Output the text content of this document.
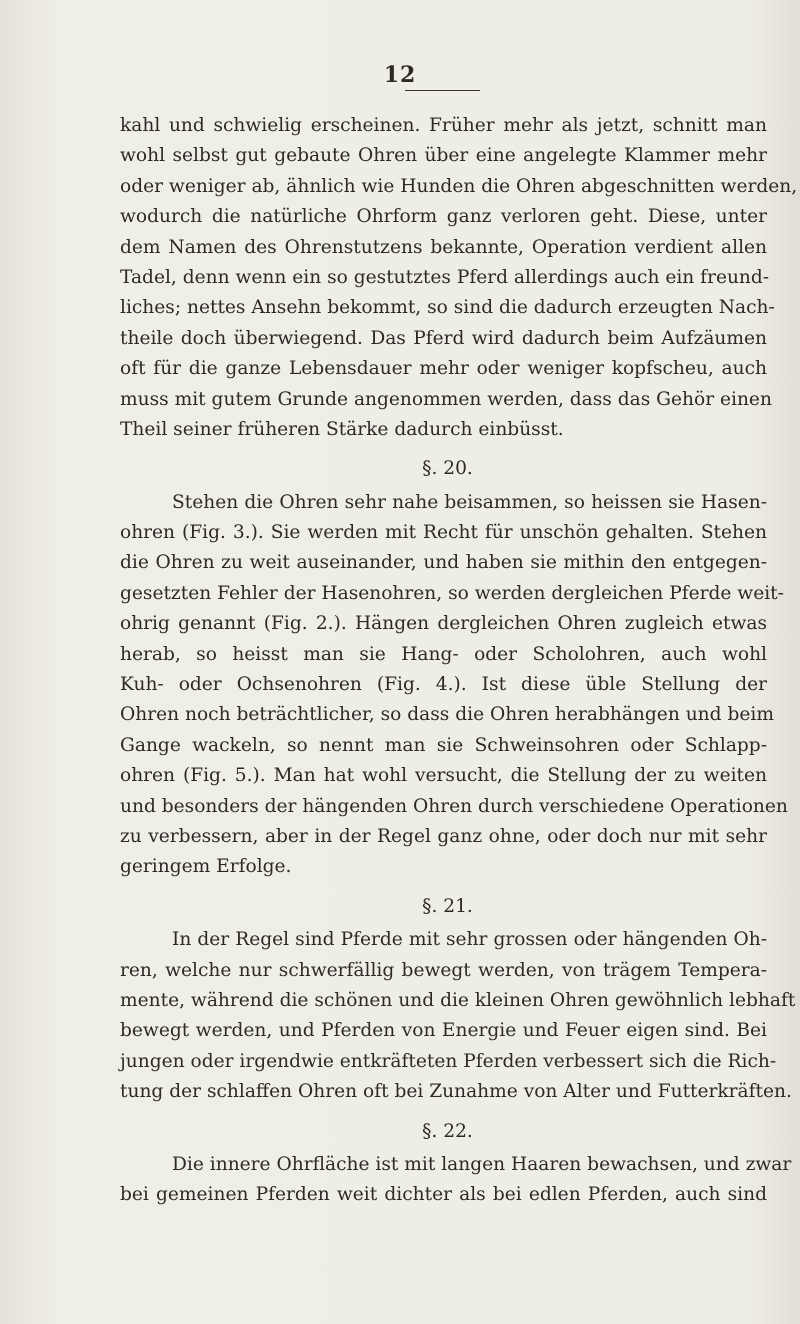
12
kahl und schwielig erscheinen. Früher mehr als jetzt, schnitt man
wohl selbst gut gebaute Ohren über eine angelegte Klammer mehr
oder weniger ab, ähnlich wie Hunden die Ohren abgeschnitten werden,
wodurch die natürliche Ohrform ganz verloren geht. Diese, unter
dem Namen des Ohrenstutzens bekannte, Operation verdient allen
Tadel, denn wenn ein so gestutztes Pferd allerdings auch ein freund-
liches; nettes Ansehn bekommt, so sind die dadurch erzeugten Nach-
theile doch überwiegend. Das Pferd wird dadurch beim Aufzäumen
oft für die ganze Lebensdauer mehr oder weniger kopfscheu, auch
muss mit gutem Grunde angenommen werden, dass das Gehör einen
Theil seiner früheren Stärke dadurch einbüsst.
§. 20.
Stehen die Ohren sehr nahe beisammen, so heissen sie Hasen-
ohren (Fig. 3.). Sie werden mit Recht für unschön gehalten. Stehen
die Ohren zu weit auseinander, und haben sie mithin den entgegen-
gesetzten Fehler der Hasenohren, so werden dergleichen Pferde weit-
ohrig genannt (Fig. 2.). Hängen dergleichen Ohren zugleich etwas
herab, so heisst man sie Hang- oder Scholohren, auch wohl
Kuh- oder Ochsenohren (Fig. 4.). Ist diese üble Stellung der
Ohren noch beträchtlicher, so dass die Ohren herabhängen und beim
Gange wackeln, so nennt man sie Schweinsohren oder Schlapp-
ohren (Fig. 5.). Man hat wohl versucht, die Stellung der zu weiten
und besonders der hängenden Ohren durch verschiedene Operationen
zu verbessern, aber in der Regel ganz ohne, oder doch nur mit sehr
geringem Erfolge.
§. 21.
In der Regel sind Pferde mit sehr grossen oder hängenden Oh-
ren, welche nur schwerfällig bewegt werden, von trägem Tempera-
mente, während die schönen und die kleinen Ohren gewöhnlich lebhaft
bewegt werden, und Pferden von Energie und Feuer eigen sind. Bei
jungen oder irgendwie entkräfteten Pferden verbessert sich die Rich-
tung der schlaffen Ohren oft bei Zunahme von Alter und Futterkräften.
§. 22.
Die innere Ohrfläche ist mit langen Haaren bewachsen, und zwar
bei gemeinen Pferden weit dichter als bei edlen Pferden, auch sind
